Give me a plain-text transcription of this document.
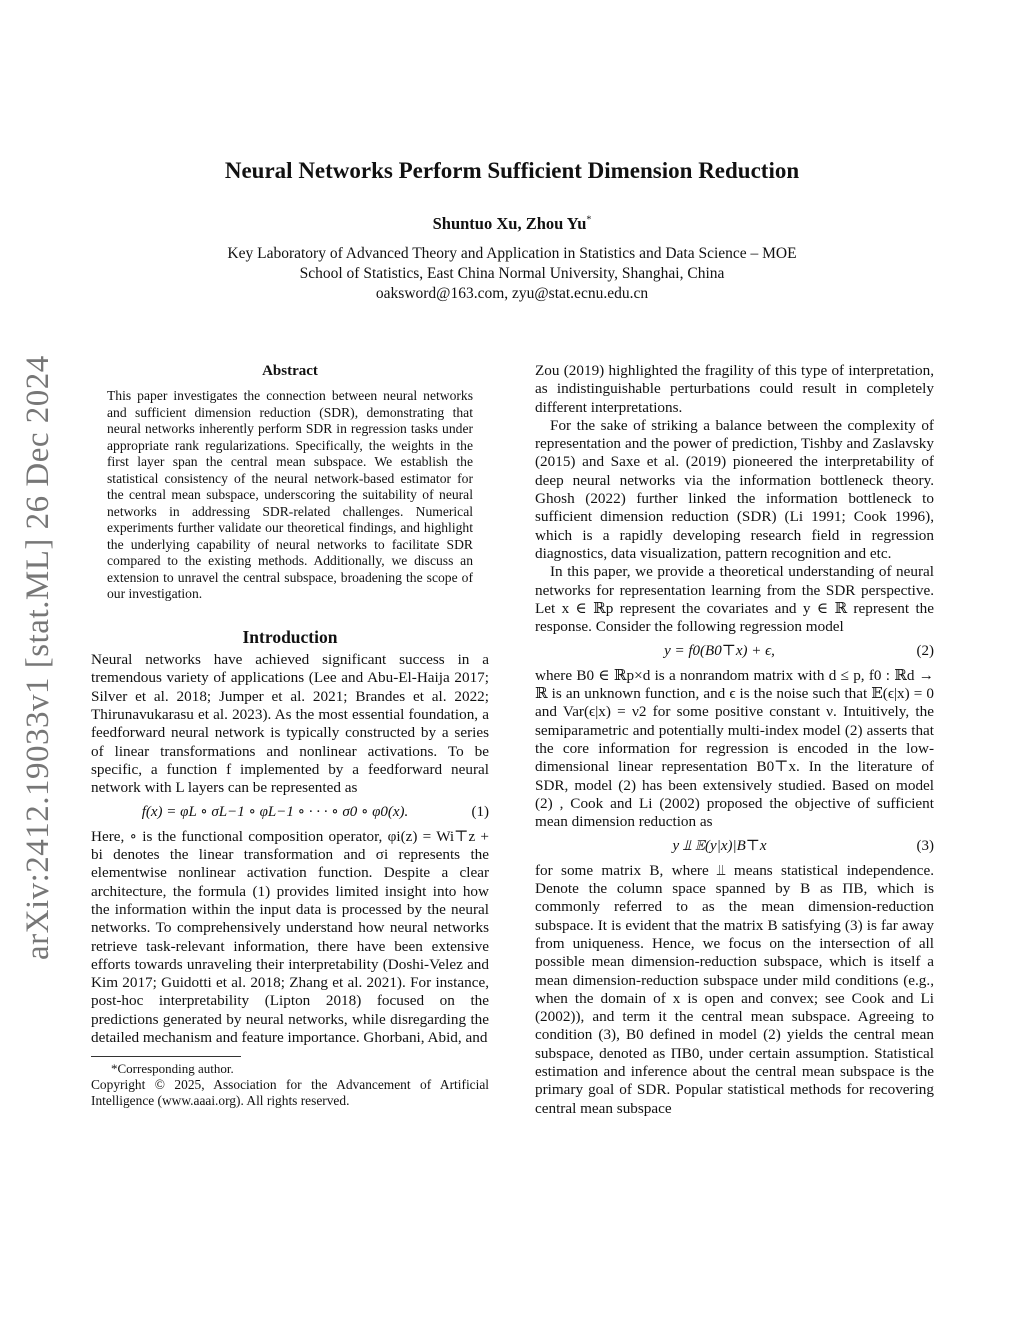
arXiv:2412.19033v1 [stat.ML] 26 Dec 2024
Neural Networks Perform Sufficient Dimension Reduction
Shuntuo Xu, Zhou Yu*
Key Laboratory of Advanced Theory and Application in Statistics and Data Science – MOE
School of Statistics, East China Normal University, Shanghai, China
oaksword@163.com, zyu@stat.ecnu.edu.cn
Abstract

This paper investigates the connection between neural networks and sufficient dimension reduction (SDR), demonstrating that neural networks inherently perform SDR in regression tasks under appropriate rank regularizations. Specifically, the weights in the first layer span the central mean subspace. We establish the statistical consistency of the neural network-based estimator for the central mean subspace, underscoring the suitability of neural networks in addressing SDR-related challenges. Numerical experiments further validate our theoretical findings, and highlight the underlying capability of neural networks to facilitate SDR compared to the existing methods. Additionally, we discuss an extension to unravel the central subspace, broadening the scope of our investigation.

Introduction

Neural networks have achieved significant success in a tremendous variety of applications (Lee and Abu-El-Haija 2017; Silver et al. 2018; Jumper et al. 2021; Brandes et al. 2022; Thirunavukarasu et al. 2023). As the most essential foundation, a feedforward neural network is typically constructed by a series of linear transformations and nonlinear activations. To be specific, a function f implemented by a feedforward neural network with L layers can be represented as

f(x) = φL ∘ σL−1 ∘ φL−1 ∘ · · · ∘ σ0 ∘ φ0(x).	(1)

Here, ∘ is the functional composition operator, φi(z) = Wi⊤z + bi denotes the linear transformation and σi represents the elementwise nonlinear activation function. Despite a clear architecture, the formula (1) provides limited insight into how the information within the input data is processed by the neural networks. To comprehensively understand how neural networks retrieve task-relevant information, there have been extensive efforts towards unraveling their interpretability (Doshi-Velez and Kim 2017; Guidotti et al. 2018; Zhang et al. 2021). For instance, post-hoc interpretability (Lipton 2018) focused on the predictions generated by neural networks, while disregarding the detailed mechanism and feature importance. Ghorbani, Abid, and

*Corresponding author.
Copyright © 2025, Association for the Advancement of Artificial Intelligence (www.aaai.org). All rights reserved.

Zou (2019) highlighted the fragility of this type of interpretation, as indistinguishable perturbations could result in completely different interpretations.

For the sake of striking a balance between the complexity of representation and the power of prediction, Tishby and Zaslavsky (2015) and Saxe et al. (2019) pioneered the interpretability of deep neural networks via the information bottleneck theory. Ghosh (2022) further linked the information bottleneck to sufficient dimension reduction (SDR) (Li 1991; Cook 1996), which is a rapidly developing research field in regression diagnostics, data visualization, pattern recognition and etc.

In this paper, we provide a theoretical understanding of neural networks for representation learning from the SDR perspective. Let x ∈ ℝp represent the covariates and y ∈ ℝ represent the response. Consider the following regression model

y = f0(B0⊤x) + ϵ,	(2)

where B0 ∈ ℝp×d is a nonrandom matrix with d ≤ p, f0 : ℝd → ℝ is an unknown function, and ϵ is the noise such that 𝔼(ϵ|x) = 0 and Var(ϵ|x) = ν2 for some positive constant ν. Intuitively, the semiparametric and potentially multi-index model (2) asserts that the core information for regression is encoded in the low-dimensional linear representation B0⊤x. In the literature of SDR, model (2) has been extensively studied. Based on model (2) , Cook and Li (2002) proposed the objective of sufficient mean dimension reduction as

y ⫫ 𝔼(y|x)|B⊤x	(3)

for some matrix B, where ⫫ means statistical independence. Denote the column space spanned by B as ΠB, which is commonly referred to as the mean dimension-reduction subspace. It is evident that the matrix B satisfying (3) is far away from uniqueness. Hence, we focus on the intersection of all possible mean dimension-reduction subspace, which is itself a mean dimension-reduction subspace under mild conditions (e.g., when the domain of x is open and convex; see Cook and Li (2002)), and term it the central mean subspace. Agreeing to condition (3), B0 defined in model (2) yields the central mean subspace, denoted as ΠB0, under certain assumption. Statistical estimation and inference about the central mean subspace is the primary goal of SDR. Popular statistical methods for recovering central mean subspace
